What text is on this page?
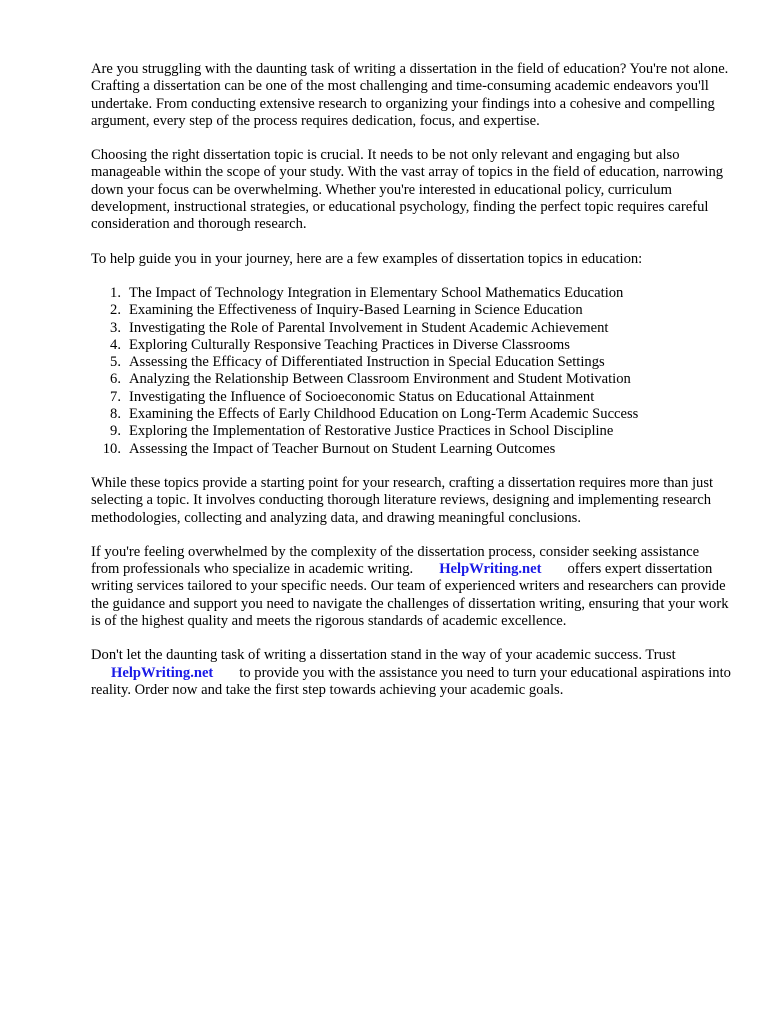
Are you struggling with the daunting task of writing a dissertation in the field of education? You're not alone. Crafting a dissertation can be one of the most challenging and time-consuming academic endeavors you'll undertake. From conducting extensive research to organizing your findings into a cohesive and compelling argument, every step of the process requires dedication, focus, and expertise.

Choosing the right dissertation topic is crucial. It needs to be not only relevant and engaging but also manageable within the scope of your study. With the vast array of topics in the field of education, narrowing down your focus can be overwhelming. Whether you're interested in educational policy, curriculum development, instructional strategies, or educational psychology, finding the perfect topic requires careful consideration and thorough research.

To help guide you in your journey, here are a few examples of dissertation topics in education:

1. The Impact of Technology Integration in Elementary School Mathematics Education
2. Examining the Effectiveness of Inquiry-Based Learning in Science Education
3. Investigating the Role of Parental Involvement in Student Academic Achievement
4. Exploring Culturally Responsive Teaching Practices in Diverse Classrooms
5. Assessing the Efficacy of Differentiated Instruction in Special Education Settings
6. Analyzing the Relationship Between Classroom Environment and Student Motivation
7. Investigating the Influence of Socioeconomic Status on Educational Attainment
8. Examining the Effects of Early Childhood Education on Long-Term Academic Success
9. Exploring the Implementation of Restorative Justice Practices in School Discipline
10. Assessing the Impact of Teacher Burnout on Student Learning Outcomes

While these topics provide a starting point for your research, crafting a dissertation requires more than just selecting a topic. It involves conducting thorough literature reviews, designing and implementing research methodologies, collecting and analyzing data, and drawing meaningful conclusions.

If you're feeling overwhelmed by the complexity of the dissertation process, consider seeking assistance from professionals who specialize in academic writing. HelpWriting.net offers expert dissertation writing services tailored to your specific needs. Our team of experienced writers and researchers can provide the guidance and support you need to navigate the challenges of dissertation writing, ensuring that your work is of the highest quality and meets the rigorous standards of academic excellence.

Don't let the daunting task of writing a dissertation stand in the way of your academic success. Trust
HelpWriting.net to provide you with the assistance you need to turn your educational aspirations into reality. Order now and take the first step towards achieving your academic goals.
